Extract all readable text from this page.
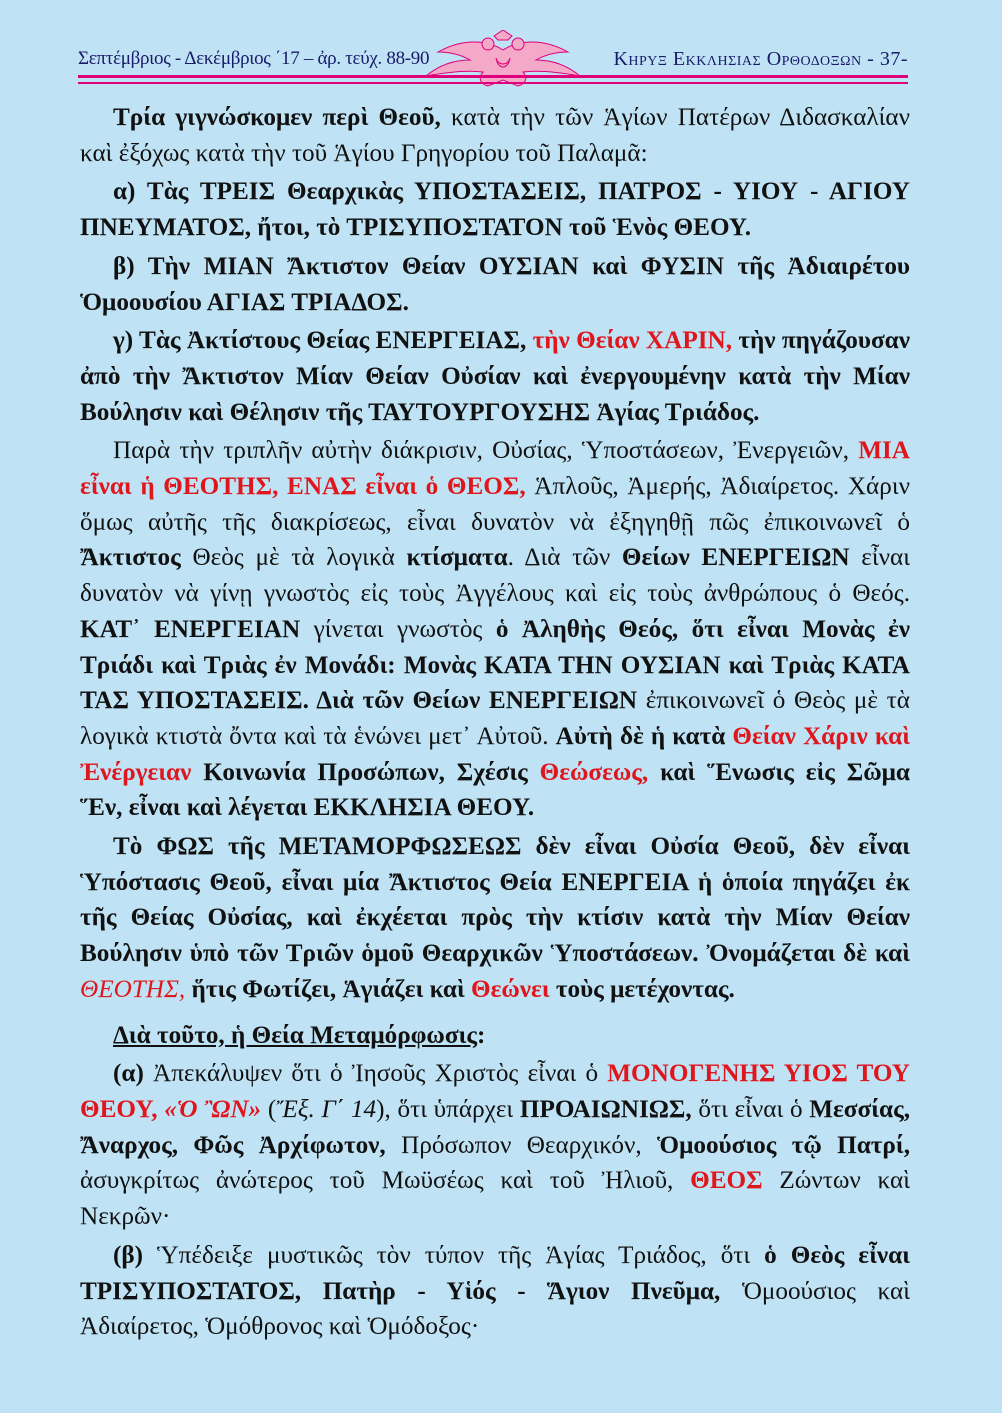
Σεπτέμβριος - Δεκέμβριος ΄17 – ἀρ. τεύχ. 88-90	Κηρυξ Εκκλησιας Ορθοδοξων - 37-

Τρία γιγνώσκομεν περὶ Θεοῦ, κατὰ τὴν τῶν Ἁγίων Πατέρων Διδασκαλίαν καὶ ἐξόχως κατὰ τὴν τοῦ Ἁγίου Γρηγορίου τοῦ Παλαμᾶ:

α) Τὰς ΤΡΕΙΣ Θεαρχικὰς ΥΠΟΣΤΑΣΕΙΣ, ΠΑΤΡΟΣ - ΥΙΟΥ - ΑΓΙΟΥ ΠΝΕΥΜΑΤΟΣ, ἤτοι, τὸ ΤΡΙΣΥΠΟΣΤΑΤΟΝ τοῦ Ἑνὸς ΘΕΟΥ.

β) Τὴν ΜΙΑΝ Ἄκτιστον Θείαν ΟΥΣΙΑΝ καὶ ΦΥΣΙΝ τῆς Ἀδιαιρέτου Ὁμοουσίου ΑΓΙΑΣ ΤΡΙΑΔΟΣ.

γ) Τὰς Ἀκτίστους Θείας ΕΝΕΡΓΕΙΑΣ, τὴν Θείαν ΧΑΡΙΝ, τὴν πηγάζουσαν ἀπὸ τὴν Ἄκτιστον Μίαν Θείαν Οὐσίαν καὶ ἐνεργουμένην κατὰ τὴν Μίαν Βούλησιν καὶ Θέλησιν τῆς ΤΑΥΤΟΥΡΓΟΥΣΗΣ Ἁγίας Τριάδος.

Παρὰ τὴν τριπλῆν αὐτὴν διάκρισιν, Οὐσίας, Ὑποστάσεων, Ἐνεργειῶν, ΜΙΑ εἶναι ἡ ΘΕΟΤΗΣ, ΕΝΑΣ εἶναι ὁ ΘΕΟΣ, Ἁπλοῦς, Ἀμερής, Ἀδιαίρετος. Χάριν ὅμως αὐτῆς τῆς διακρίσεως, εἶναι δυνατὸν νὰ ἐξηγηθῇ πῶς ἐπικοινωνεῖ ὁ Ἄκτιστος Θεὸς μὲ τὰ λογικὰ κτίσματα. Διὰ τῶν Θείων ΕΝΕΡΓΕΙΩΝ εἶναι δυνατὸν νὰ γίνῃ γνωστὸς εἰς τοὺς Ἀγγέλους καὶ εἰς τοὺς ἀνθρώπους ὁ Θεός. ΚΑΤ᾽ ΕΝΕΡΓΕΙΑΝ γίνεται γνωστὸς ὁ Ἀληθὴς Θεός, ὅτι εἶναι Μονὰς ἐν Τριάδι καὶ Τριὰς ἐν Μονάδι: Μονὰς ΚΑΤΑ ΤΗΝ ΟΥΣΙΑΝ καὶ Τριὰς ΚΑΤΑ ΤΑΣ ΥΠΟΣΤΑΣΕΙΣ. Διὰ τῶν Θείων ΕΝΕΡΓΕΙΩΝ ἐπικοινωνεῖ ὁ Θεὸς μὲ τὰ λογικὰ κτιστὰ ὄντα καὶ τὰ ἑνώνει μετ᾽ Αὐτοῦ. Αὐτὴ δὲ ἡ κατὰ Θείαν Χάριν καὶ Ἐνέργειαν Κοινωνία Προσώπων, Σχέσις Θεώσεως, καὶ Ἕνωσις εἰς Σῶμα Ἕν, εἶναι καὶ λέγεται ΕΚΚΛΗΣΙΑ ΘΕΟΥ.

Τὸ ΦΩΣ τῆς ΜΕΤΑΜΟΡΦΩΣΕΩΣ δὲν εἶναι Οὐσία Θεοῦ, δὲν εἶναι Ὑπόστασις Θεοῦ, εἶναι μία Ἄκτιστος Θεία ΕΝΕΡΓΕΙΑ ἡ ὁποία πηγάζει ἐκ τῆς Θείας Οὐσίας, καὶ ἐκχέεται πρὸς τὴν κτίσιν κατὰ τὴν Μίαν Θείαν Βούλησιν ὑπὸ τῶν Τριῶν ὁμοῦ Θεαρχικῶν Ὑποστάσεων. Ὀνομάζεται δὲ καὶ ΘΕΟΤΗΣ, ἥτις Φωτίζει, Ἁγιάζει καὶ Θεώνει τοὺς μετέχοντας.

Διὰ τοῦτο, ἡ Θεία Μεταμόρφωσις:

(α) Ἀπεκάλυψεν ὅτι ὁ Ἰησοῦς Χριστὸς εἶναι ὁ ΜΟΝΟΓΕΝΗΣ ΥΙΟΣ ΤΟΥ ΘΕΟΥ, «Ὁ ὪΝ» (Ἔξ. Γ΄ 14), ὅτι ὑπάρχει ΠΡΟΑΙΩΝΙΩΣ, ὅτι εἶναι ὁ Μεσσίας, Ἄναρχος, Φῶς Ἀρχίφωτον, Πρόσωπον Θεαρχικόν, Ὁμοούσιος τῷ Πατρί, ἀσυγκρίτως ἀνώτερος τοῦ Μωϋσέως καὶ τοῦ Ἠλιοῦ, ΘΕΟΣ Ζώντων καὶ Νεκρῶν·

(β) Ὑπέδειξε μυστικῶς τὸν τύπον τῆς Ἁγίας Τριάδος, ὅτι ὁ Θεὸς εἶναι ΤΡΙΣΥΠΟΣΤΑΤΟΣ, Πατὴρ - Υἱός - Ἅγιον Πνεῦμα, Ὁμοούσιος καὶ Ἀδιαίρετος, Ὁμόθρονος καὶ Ὁμόδοξος·
